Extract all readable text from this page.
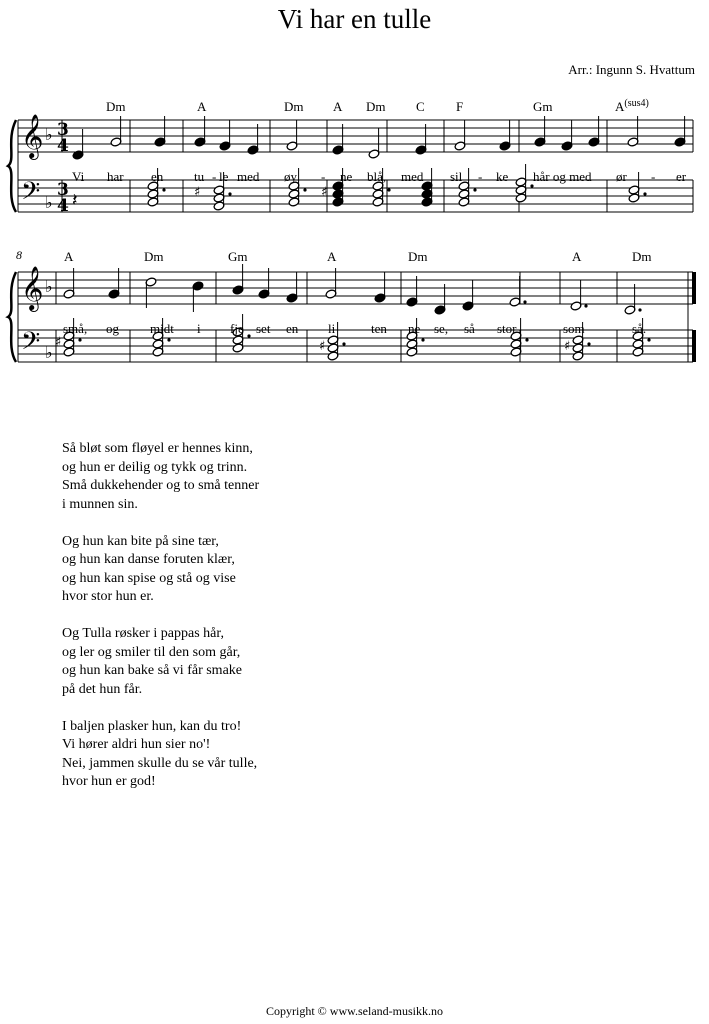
Vi har en tulle
Arr.: Ingunn S. Hvattum
𝄞
𝄢
♭
♭
3
4
3
4 𝄽
𝄞
𝄢
♭
♭
♯	♯
♯	♯	♯
Dm	A	Dm A Dm C F	Gm	$A^{(sus4)}$
Vi har en tu - le med øy - ne blå, med sil - ke hår og med ør - er
8	A	Dm	Gm	A	Dm	A	Dm
små, og midt i fje - set en li - ten ne - se, så stor	som	så.
Så bløt som fløyel er hennes kinn,
og hun er deilig og tykk og trinn.
Små dukkehender og to små tenner
i munnen sin.
Og hun kan bite på sine tær,
og hun kan danse foruten klær,
og hun kan spise og stå og vise
hvor stor hun er.
Og Tulla røsker i pappas hår,
og ler og smiler til den som går,
og hun kan bake så vi får smake
på det hun får.
I baljen plasker hun, kan du tro!
Vi hører aldri hun sier no'!
Nei, jammen skulle du se vår tulle,
hvor hun er god!
Copyright © www.seland-musikk.no
